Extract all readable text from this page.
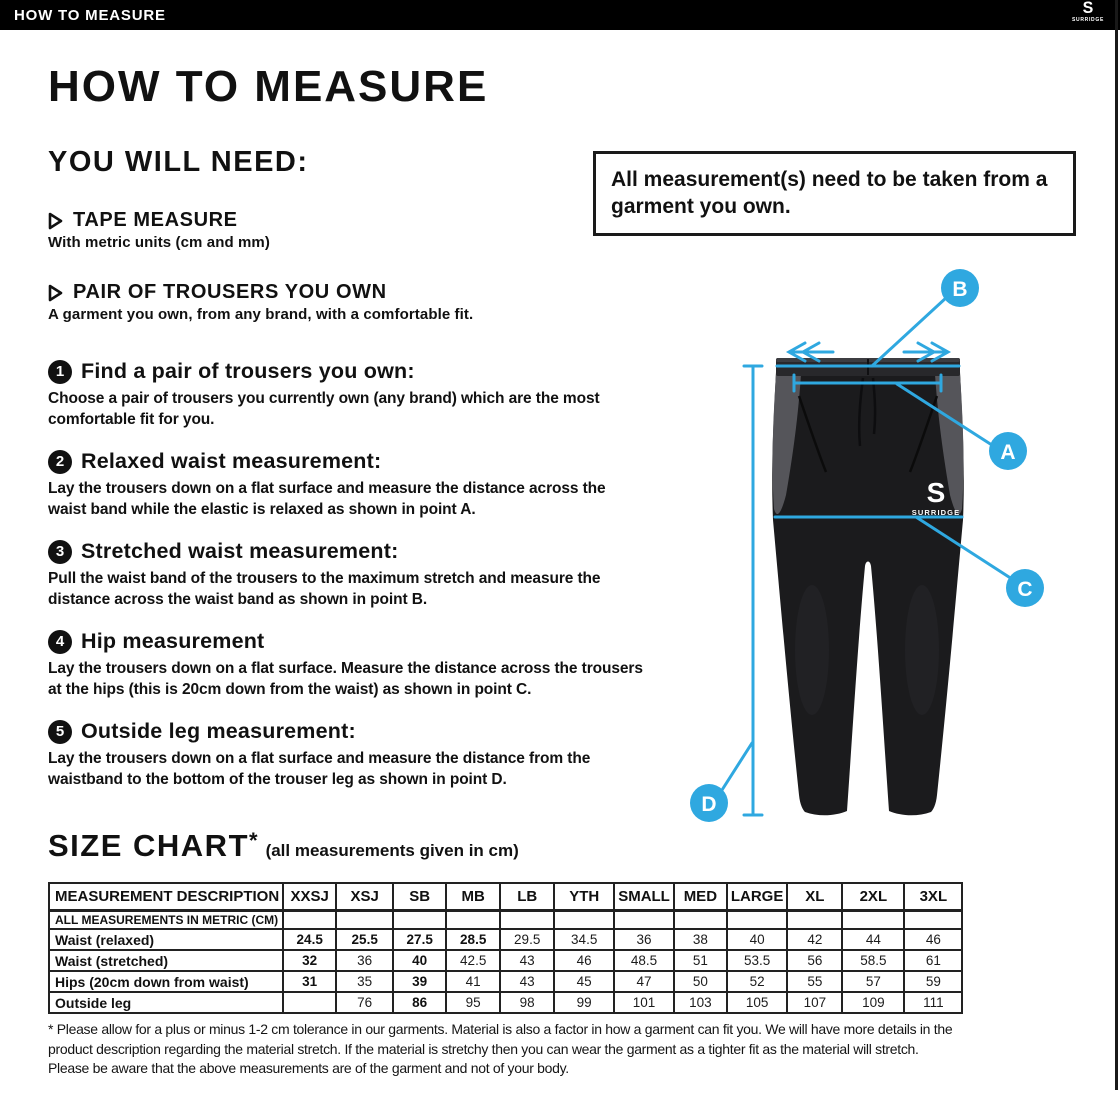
HOW TO MEASURE	S
SURRIDGE
HOW TO MEASURE
YOU WILL NEED:
All measurement(s) need to be taken from a garment you own.
TAPE MEASURE
With metric units (cm and mm)
PAIR OF TROUSERS YOU OWN
A garment you own, from any brand, with a comfortable fit.
1 Find a pair of trousers you own:
Choose a pair of trousers you currently own (any brand) which are the most comfortable fit for you.
2 Relaxed waist measurement:
Lay the trousers down on a flat surface and measure the distance across the waist band while the elastic is relaxed as shown in point A.
3 Stretched waist measurement:
Pull the waist band of the trousers to the maximum stretch and measure the distance across the waist band as shown in point B.
4 Hip measurement
Lay the trousers down on a flat surface. Measure the distance across the trousers at the hips (this is 20cm down from the waist) as shown in point C.
5 Outside leg measurement:
Lay the trousers down on a flat surface and measure the distance from the waistband to the bottom of the trouser leg as shown in point D.
S
SURRIDGE
B
A
C
D
SIZE CHART * (all measurements given in cm)
MEASUREMENT DESCRIPTION	XXSJ	XSJ	SB	MB	LB	YTH	SMALL	MED	LARGE	XL	2XL	3XL
ALL MEASUREMENTS IN METRIC (CM)												
Waist (relaxed)	24.5	25.5	27.5	28.5	29.5	34.5	36	38	40	42	44	46
Waist (stretched)	32	36	40	42.5	43	46	48.5	51	53.5	56	58.5	61
Hips (20cm down from waist)	31	35	39	41	43	45	47	50	52	55	57	59
Outside leg		76	86	95	98	99	101	103	105	107	109	111
* Please allow for a plus or minus 1-2 cm tolerance in our garments. Material is also a factor in how a garment can fit you. We will have more details in the product description regarding the material stretch. If the material is stretchy then you can wear the garment as a tighter fit as the material will stretch. Please be aware that the above measurements are of the garment and not of your body.
